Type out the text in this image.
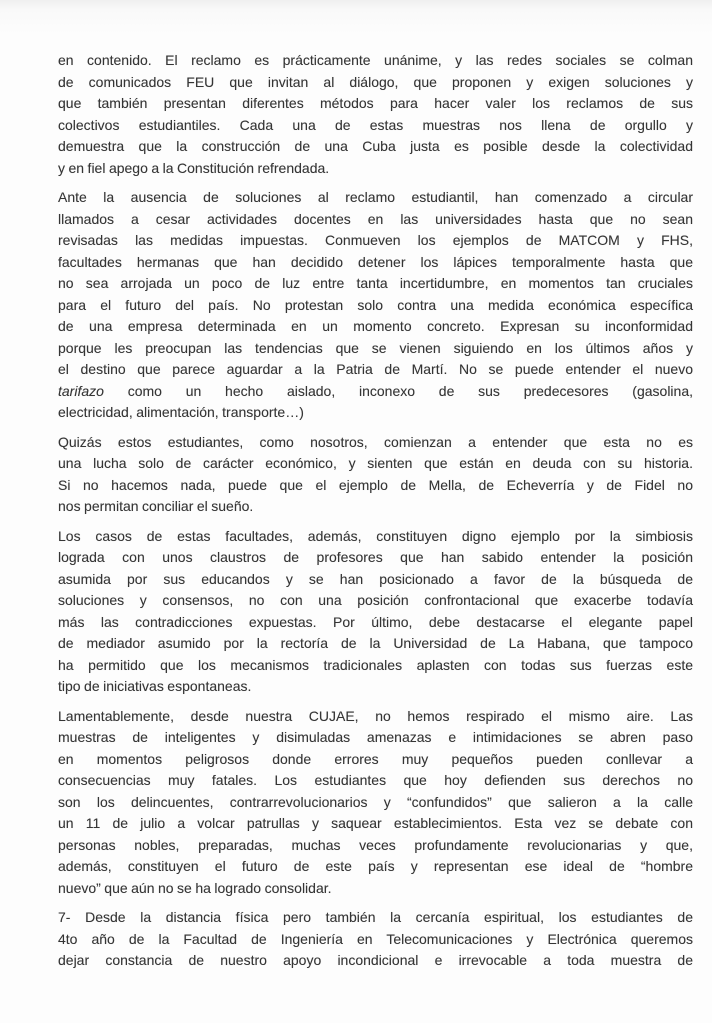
en contenido. El reclamo es prácticamente unánime, y las redes sociales se colman
de comunicados FEU que invitan al diálogo, que proponen y exigen soluciones y
que también presentan diferentes métodos para hacer valer los reclamos de sus
colectivos estudiantiles. Cada una de estas muestras nos llena de orgullo y
demuestra que la construcción de una Cuba justa es posible desde la colectividad
y en fiel apego a la Constitución refrendada.
Ante la ausencia de soluciones al reclamo estudiantil, han comenzado a circular
llamados a cesar actividades docentes en las universidades hasta que no sean
revisadas las medidas impuestas. Conmueven los ejemplos de MATCOM y FHS,
facultades hermanas que han decidido detener los lápices temporalmente hasta que
no sea arrojada un poco de luz entre tanta incertidumbre, en momentos tan cruciales
para el futuro del país. No protestan solo contra una medida económica específica
de una empresa determinada en un momento concreto. Expresan su inconformidad
porque les preocupan las tendencias que se vienen siguiendo en los últimos años y
el destino que parece aguardar a la Patria de Martí. No se puede entender el nuevo
tarifazo como un hecho aislado, inconexo de sus predecesores (gasolina,
electricidad, alimentación, transporte…)
Quizás estos estudiantes, como nosotros, comienzan a entender que esta no es
una lucha solo de carácter económico, y sienten que están en deuda con su historia.
Si no hacemos nada, puede que el ejemplo de Mella, de Echeverría y de Fidel no
nos permitan conciliar el sueño.
Los casos de estas facultades, además, constituyen digno ejemplo por la simbiosis
lograda con unos claustros de profesores que han sabido entender la posición
asumida por sus educandos y se han posicionado a favor de la búsqueda de
soluciones y consensos, no con una posición confrontacional que exacerbe todavía
más las contradicciones expuestas. Por último, debe destacarse el elegante papel
de mediador asumido por la rectoría de la Universidad de La Habana, que tampoco
ha permitido que los mecanismos tradicionales aplasten con todas sus fuerzas este
tipo de iniciativas espontaneas.
Lamentablemente, desde nuestra CUJAE, no hemos respirado el mismo aire. Las
muestras de inteligentes y disimuladas amenazas e intimidaciones se abren paso
en momentos peligrosos donde errores muy pequeños pueden conllevar a
consecuencias muy fatales. Los estudiantes que hoy defienden sus derechos no
son los delincuentes, contrarrevolucionarios y “confundidos” que salieron a la calle
un 11 de julio a volcar patrullas y saquear establecimientos. Esta vez se debate con
personas nobles, preparadas, muchas veces profundamente revolucionarias y que,
además, constituyen el futuro de este país y representan ese ideal de “hombre
nuevo” que aún no se ha logrado consolidar.
7- Desde la distancia física pero también la cercanía espiritual, los estudiantes de
4to año de la Facultad de Ingeniería en Telecomunicaciones y Electrónica queremos
dejar constancia de nuestro apoyo incondicional e irrevocable a toda muestra de
